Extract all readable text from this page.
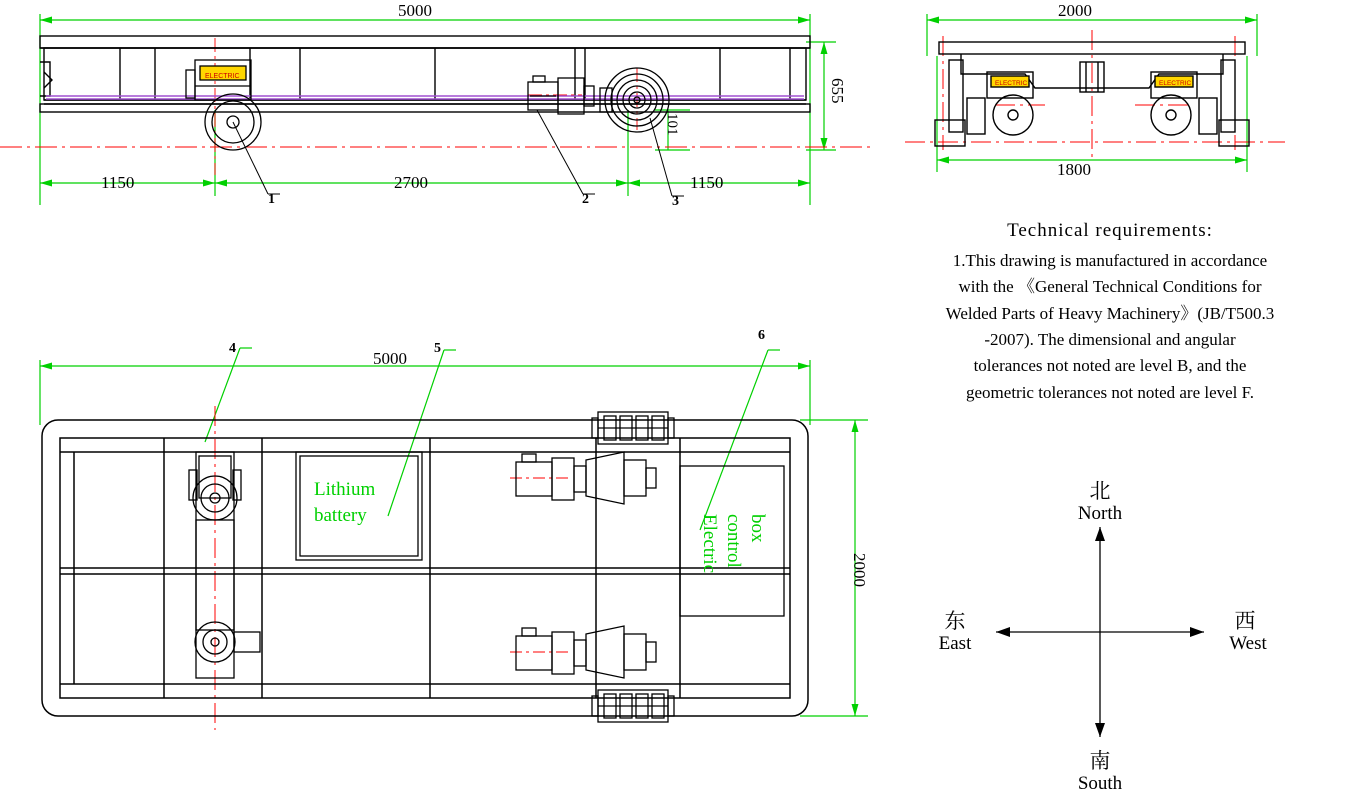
ELECTRIC
5000
655
101
1150	2700	1150
1	2	3
ELECTRIC	ELECTRIC
2000
1800
Technical requirements:
1.This drawing is manufactured in accordance
with the 《General Technical Conditions for
Welded Parts of Heavy Machinery》(JB/T500.3
-2007). The dimensional and angular
tolerances not noted are level B, and the
geometric tolerances not noted are level F.
5000
2000
4	5
6
Lithium
battery	Electric control box
北
North
南
South
东
East
西
West
